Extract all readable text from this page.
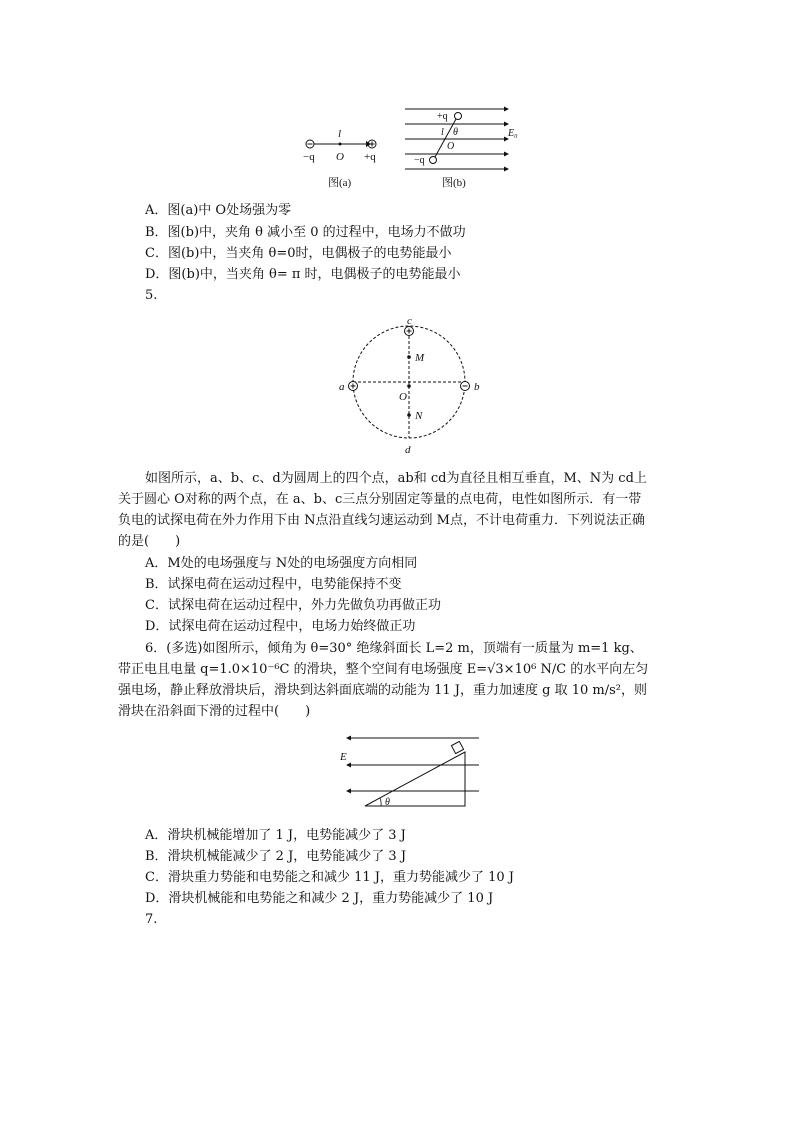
l
−q O +q
图(a)
+q
l θ
O
E₀
−q
图(b)
A．图(a)中 O处场强为零
B．图(b)中，夹角 θ 减小至 0 的过程中，电场力不做功
C．图(b)中，当夹角 θ=0时，电偶极子的电势能最小
D．图(b)中，当夹角 θ= π 时，电偶极子的电势能最小
5.
c
M
a	b
O
N
d
如图所示，a、b、c、d为圆周上的四个点，ab和 cd为直径且相互垂直，M、N为 cd上
关于圆心 O对称的两个点，在 a、b、c三点分别固定等量的点电荷，电性如图所示．有一带
负电的试探电荷在外力作用下由 N点沿直线匀速运动到 M点，不计电荷重力．下列说法正确
的是(　　)
A．M处的电场强度与 N处的电场强度方向相同
B．试探电荷在运动过程中，电势能保持不变
C．试探电荷在运动过程中，外力先做负功再做正功
D．试探电荷在运动过程中，电场力始终做正功
6．(多选)如图所示，倾角为 θ=30° 绝缘斜面长 L=2 m，顶端有一质量为 m=1 kg、
带正电且电量 q=1.0×10⁻⁶C 的滑块，整个空间有电场强度 E=√3×10⁶ N/C 的水平向左匀
强电场，静止释放滑块后，滑块到达斜面底端的动能为 11 J，重力加速度 g 取 10 m/s²，则
滑块在沿斜面下滑的过程中(　　)
E
θ
A．滑块机械能增加了 1 J，电势能减少了 3 J
B．滑块机械能减少了 2 J，电势能减少了 3 J
C．滑块重力势能和电势能之和减少 11 J，重力势能减少了 10 J
D．滑块机械能和电势能之和减少 2 J，重力势能减少了 10 J
7.
